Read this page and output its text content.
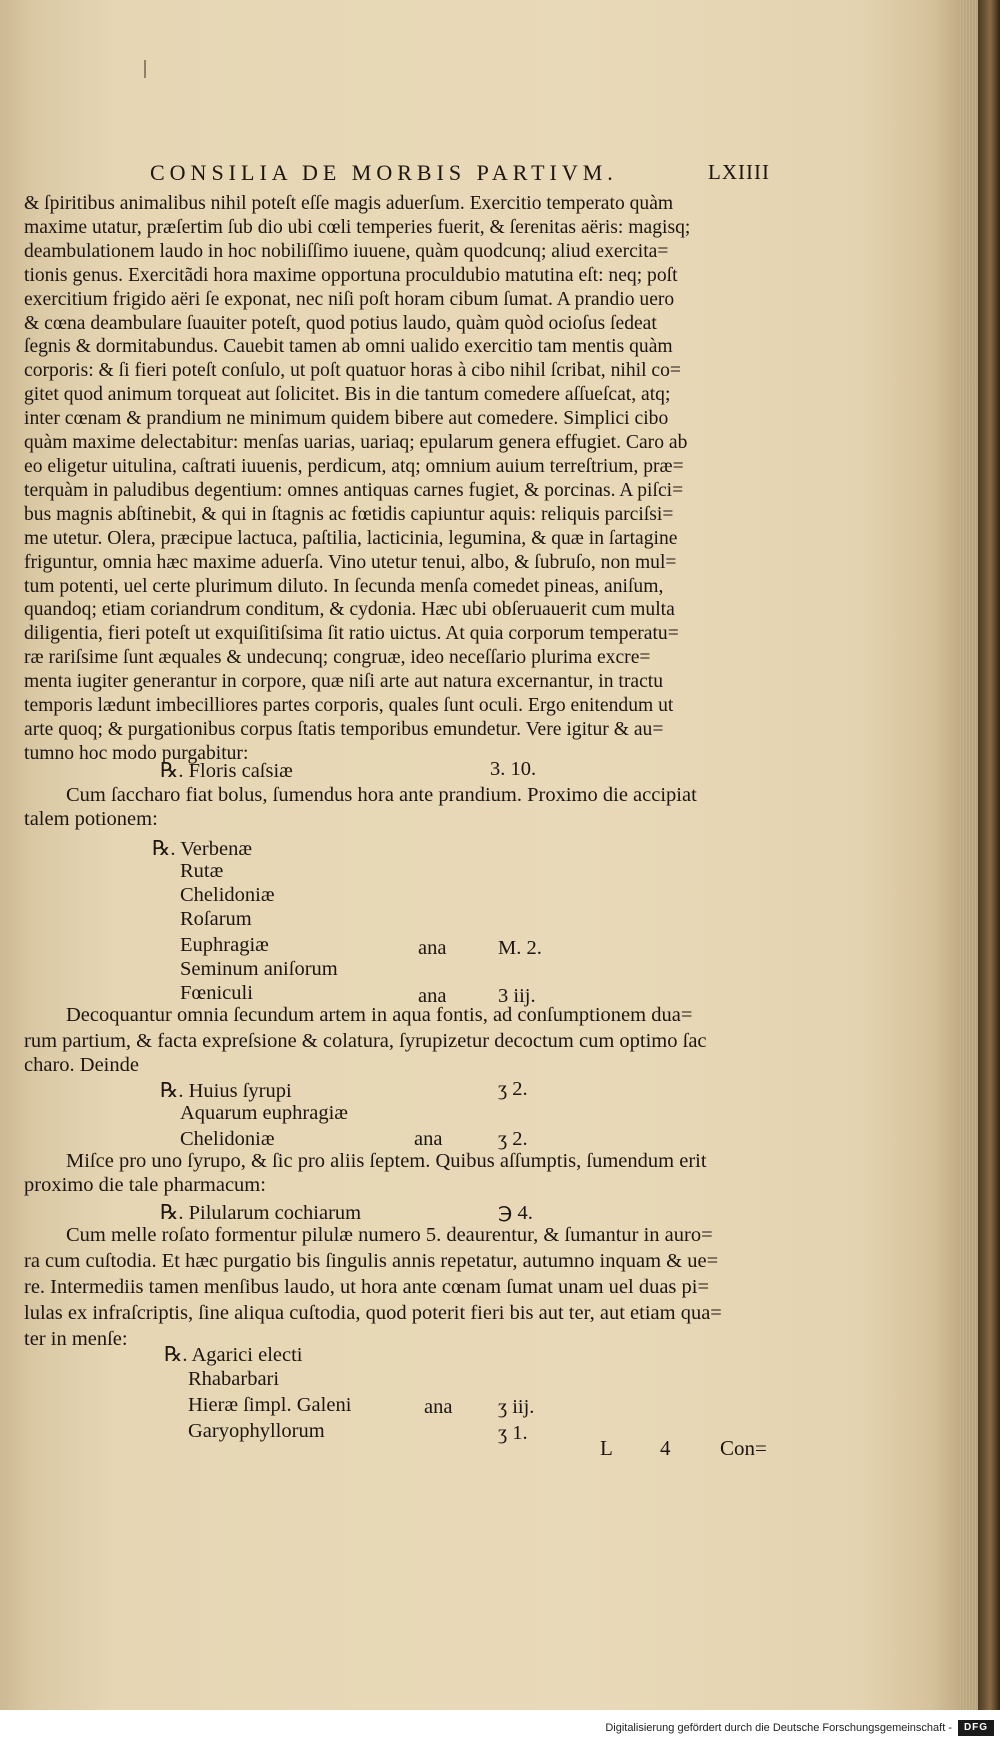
CONSILIA DE MORBIS PARTIVM.	LXIIII
& ſpiritibus animalibus nihil poteſt eſſe magis aduerſum. Exercitio temperato quàm
maxime utatur, præſertim ſub dio ubi cœli temperies fuerit, & ſerenitas aëris: magisq;
deambulationem laudo in hoc nobiliſſimo iuuene, quàm quodcunq; aliud exercita=
tionis genus. Exercitãdi hora maxime opportuna proculdubio matutina eſt: neq; poſt
exercitium frigido aëri ſe exponat, nec niſi poſt horam cibum ſumat. A prandio uero
& cœna deambulare ſuauiter poteſt, quod potius laudo, quàm quòd ocioſus ſedeat
ſegnis & dormitabundus. Cauebit tamen ab omni ualido exercitio tam mentis quàm
corporis: & ſi fieri poteſt conſulo, ut poſt quatuor horas à cibo nihil ſcribat, nihil co=
gitet quod animum torqueat aut ſolicitet. Bis in die tantum comedere aſſueſcat, atq;
inter cœnam & prandium ne minimum quidem bibere aut comedere. Simplici cibo
quàm maxime delectabitur: menſas uarias, uariaq; epularum genera effugiet. Caro ab
eo eligetur uitulina, caſtrati iuuenis, perdicum, atq; omnium auium terreſtrium, præ=
terquàm in paludibus degentium: omnes antiquas carnes fugiet, & porcinas. A piſci=
bus magnis abſtinebit, & qui in ſtagnis ac fœtidis capiuntur aquis: reliquis parciſsi=
me utetur. Olera, præcipue lactuca, paſtilia, lacticinia, legumina, & quæ in ſartagine
friguntur, omnia hæc maxime aduerſa. Vino utetur tenui, albo, & ſubruſo, non mul=
tum potenti, uel certe plurimum diluto. In ſecunda menſa comedet pineas, aniſum,
quandoq; etiam coriandrum conditum, & cydonia. Hæc ubi obſeruauerit cum multa
diligentia, fieri poteſt ut exquiſitiſsima ſit ratio uictus. At quia corporum temperatu=
ræ rariſsime ſunt æquales & undecunq; congruæ, ideo neceſſario plurima excre=
menta iugiter generantur in corpore, quæ niſi arte aut natura excernantur, in tractu
temporis lædunt imbecilliores partes corporis, quales ſunt oculi. Ergo enitendum ut
arte quoq; & purgationibus corpus ſtatis temporibus emundetur. Vere igitur & au=
tumno hoc modo purgabitur:
℞. Floris caſsiæ	3. 10.
Cum ſaccharo fiat bolus, ſumendus hora ante prandium. Proximo die accipiat
talem potionem:
℞. Verbenæ
Rutæ
Chelidoniæ
Roſarum
Euphragiæ	ana	M. 2.
Seminum aniſorum
Fœniculi	ana	3 iij.
Decoquantur omnia ſecundum artem in aqua fontis, ad conſumptionem dua=
rum partium, & facta expreſsione & colatura, ſyrupizetur decoctum cum optimo ſac
charo. Deinde
℞. Huius ſyrupi	ʒ 2.
Aquarum euphragiæ
Chelidoniæ	ana	ʒ 2.
Miſce pro uno ſyrupo, & ſic pro aliis ſeptem. Quibus aſſumptis, ſumendum erit
proximo die tale pharmacum:
℞. Pilularum cochiarum	℈ 4.
Cum melle roſato formentur pilulæ numero 5. deaurentur, & ſumantur in auro=
ra cum cuſtodia. Et hæc purgatio bis ſingulis annis repetatur, autumno inquam & ue=
re. Intermediis tamen menſibus laudo, ut hora ante cœnam ſumat unam uel duas pi=
lulas ex infraſcriptis, ſine aliqua cuſtodia, quod poterit fieri bis aut ter, aut etiam qua=
ter in menſe:
℞. Agarici electi
Rhabarbari
Hieræ ſimpl. Galeni	ana ʒ iij.
Garyophyllorum	ʒ 1.
L 4 Con=
Digitalisierung gefördert durch die Deutsche Forschungsgemeinschaft -	DFG
